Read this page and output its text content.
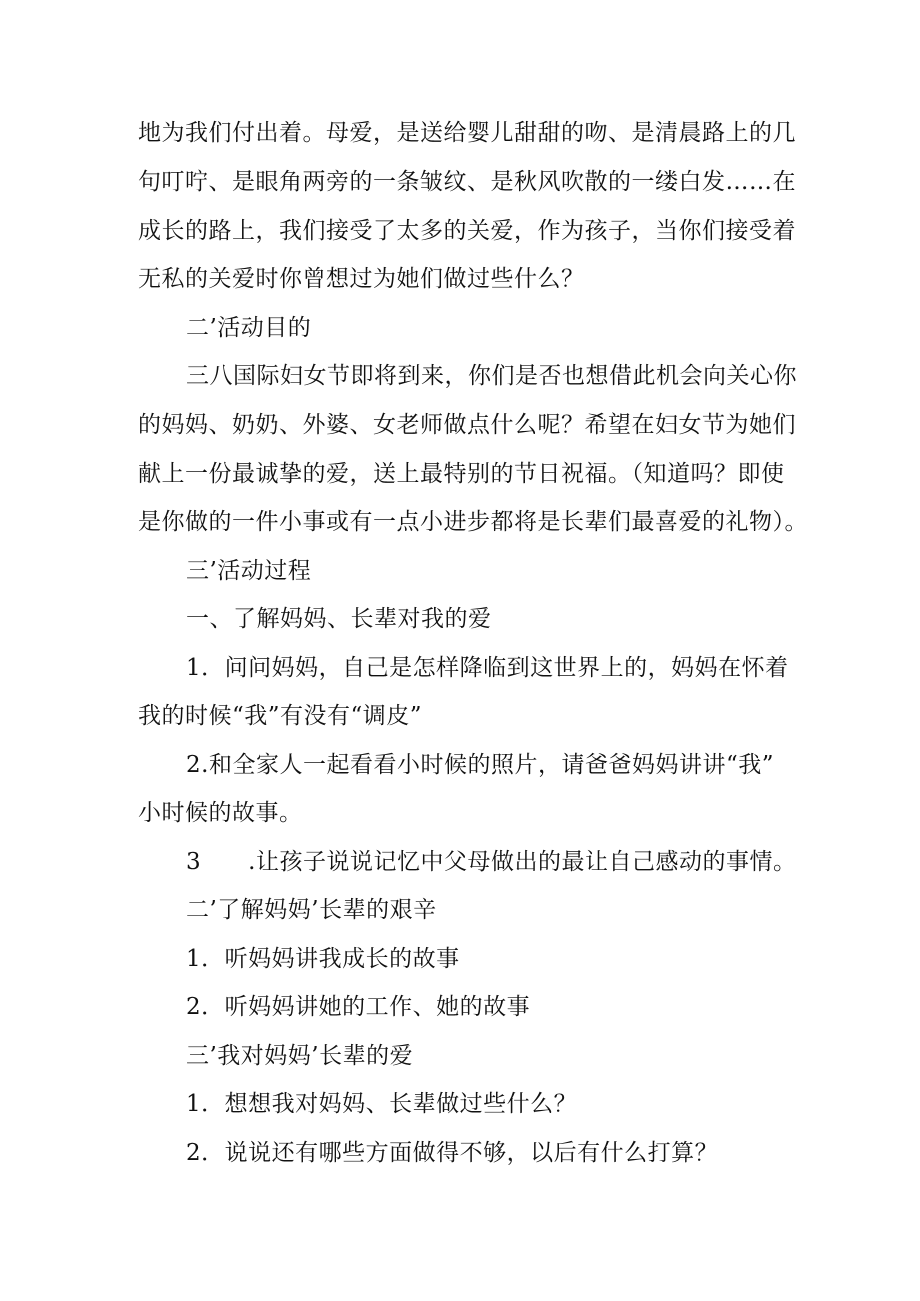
地为我们付出着。母爱，是送给婴儿甜甜的吻、是清晨路上的几
句叮咛、是眼角两旁的一条皱纹、是秋风吹散的一缕白发……在
成长的路上，我们接受了太多的关爱，作为孩子，当你们接受着
无私的关爱时你曾想过为她们做过些什么？
二’活动目的
三八国际妇女节即将到来，你们是否也想借此机会向关心你
的妈妈、奶奶、外婆、女老师做点什么呢？希望在妇女节为她们
献上一份最诚挚的爱，送上最特别的节日祝福。（知道吗？即使
是你做的一件小事或有一点小进步都将是长辈们最喜爱的礼物）。
三’活动过程
一、了解妈妈、长辈对我的爱
1．问问妈妈，自己是怎样降临到这世界上的，妈妈在怀着
我的时候“我”有没有“调皮”
2.和全家人一起看看小时候的照片，请爸爸妈妈讲讲“我”
小时候的故事。
3　　.让孩子说说记忆中父母做出的最让自己感动的事情。
二’了解妈妈’长辈的艰辛
1．听妈妈讲我成长的故事
2．听妈妈讲她的工作、她的故事
三’我对妈妈’长辈的爱
1．想想我对妈妈、长辈做过些什么？
2．说说还有哪些方面做得不够，以后有什么打算？
